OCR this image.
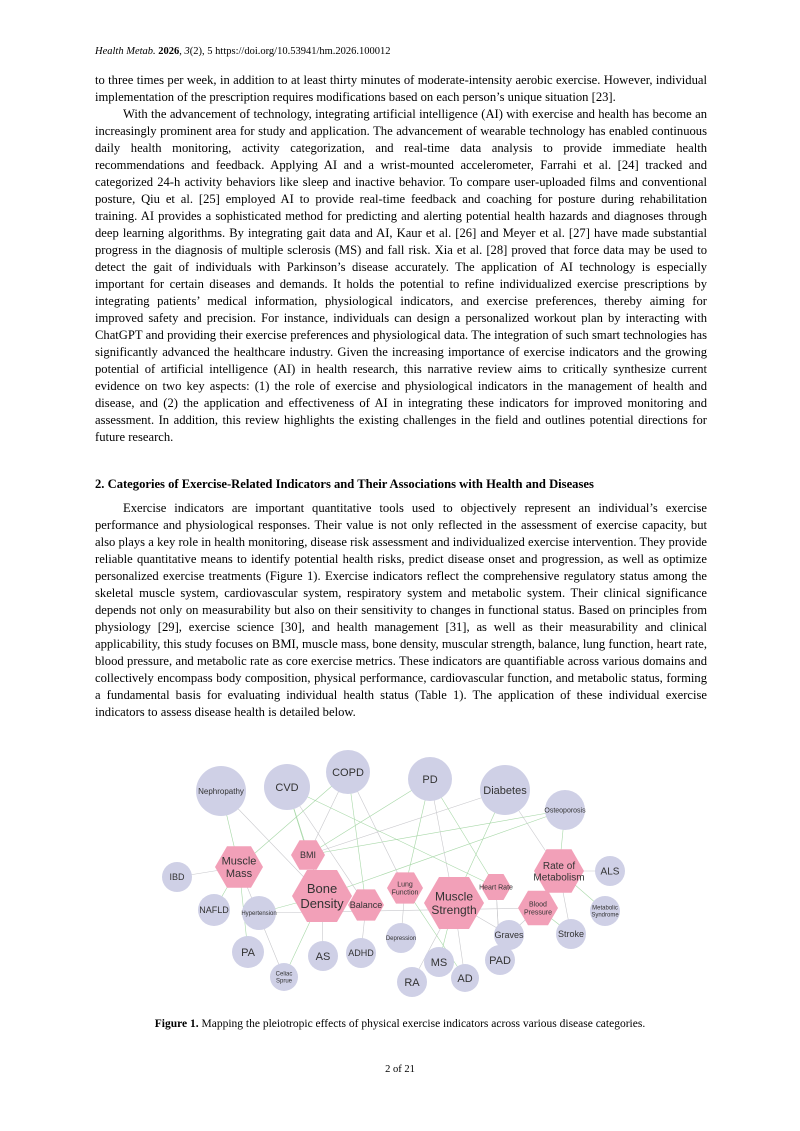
Health Metab. 2026, 3(2), 5 https://doi.org/10.53941/hm.2026.100012

to three times per week, in addition to at least thirty minutes of moderate-intensity aerobic exercise. However, individual implementation of the prescription requires modifications based on each person’s unique situation [23].

With the advancement of technology, integrating artificial intelligence (AI) with exercise and health has become an increasingly prominent area for study and application. The advancement of wearable technology has enabled continuous daily health monitoring, activity categorization, and real-time data analysis to provide immediate health recommendations and feedback. Applying AI and a wrist-mounted accelerometer, Farrahi et al. [24] tracked and categorized 24-h activity behaviors like sleep and inactive behavior. To compare user-uploaded films and conventional posture, Qiu et al. [25] employed AI to provide real-time feedback and coaching for posture during rehabilitation training. AI provides a sophisticated method for predicting and alerting potential health hazards and diagnoses through deep learning algorithms. By integrating gait data and AI, Kaur et al. [26] and Meyer et al. [27] have made substantial progress in the diagnosis of multiple sclerosis (MS) and fall risk. Xia et al. [28] proved that force data may be used to detect the gait of individuals with Parkinson’s disease accurately. The application of AI technology is especially important for certain diseases and demands. It holds the potential to refine individualized exercise prescriptions by integrating patients’ medical information, physiological indicators, and exercise preferences, thereby aiming for improved safety and precision. For instance, individuals can design a personalized workout plan by interacting with ChatGPT and providing their exercise preferences and physiological data. The integration of such smart technologies has significantly advanced the healthcare industry. Given the increasing importance of exercise indicators and the growing potential of artificial intelligence (AI) in health research, this narrative review aims to critically synthesize current evidence on two key aspects: (1) the role of exercise and physiological indicators in the management of health and disease, and (2) the application and effectiveness of AI in integrating these indicators for improved monitoring and assessment. In addition, this review highlights the existing challenges in the field and outlines potential directions for future research.

2. Categories of Exercise-Related Indicators and Their Associations with Health and Diseases

Exercise indicators are important quantitative tools used to objectively represent an individual’s exercise performance and physiological responses. Their value is not only reflected in the assessment of exercise capacity, but also plays a key role in health monitoring, disease risk assessment and individualized exercise intervention. They provide reliable quantitative means to identify potential health risks, predict disease onset and progression, as well as optimize personalized exercise treatments (Figure 1). Exercise indicators reflect the comprehensive regulatory status among the skeletal muscle system, cardiovascular system, respiratory system and metabolic system. Their clinical significance depends not only on measurability but also on their sensitivity to changes in functional status. Based on principles from physiology [29], exercise science [30], and health management [31], as well as their measurability and clinical applicability, this study focuses on BMI, muscle mass, bone density, muscular strength, balance, lung function, heart rate, blood pressure, and metabolic rate as core exercise metrics. These indicators are quantifiable across various domains and collectively encompass body composition, physical performance, cardiovascular function, and metabolic status, forming a fundamental basis for evaluating individual health status (Table 1). The application of these individual exercise indicators to assess disease health is detailed below.

Nephropathy	CVD
COPD
PD
Diabetes
Osteoporosis
ALS
IBD
NAFLD Hypertension
PA
Celiac
Sprue
AS ADHD
Depression
RA
MS
AD
PAD
Graves	Stroke
Metabolic
Syndrome
BMI
Muscle
Mass
Bone
Density Balance
Lung
Function Muscle
Strength
Heart Rate
Blood
Pressure
Rate of
Metabolism
Figure 1. Mapping the pleiotropic effects of physical exercise indicators across various disease categories.
2 of 21
